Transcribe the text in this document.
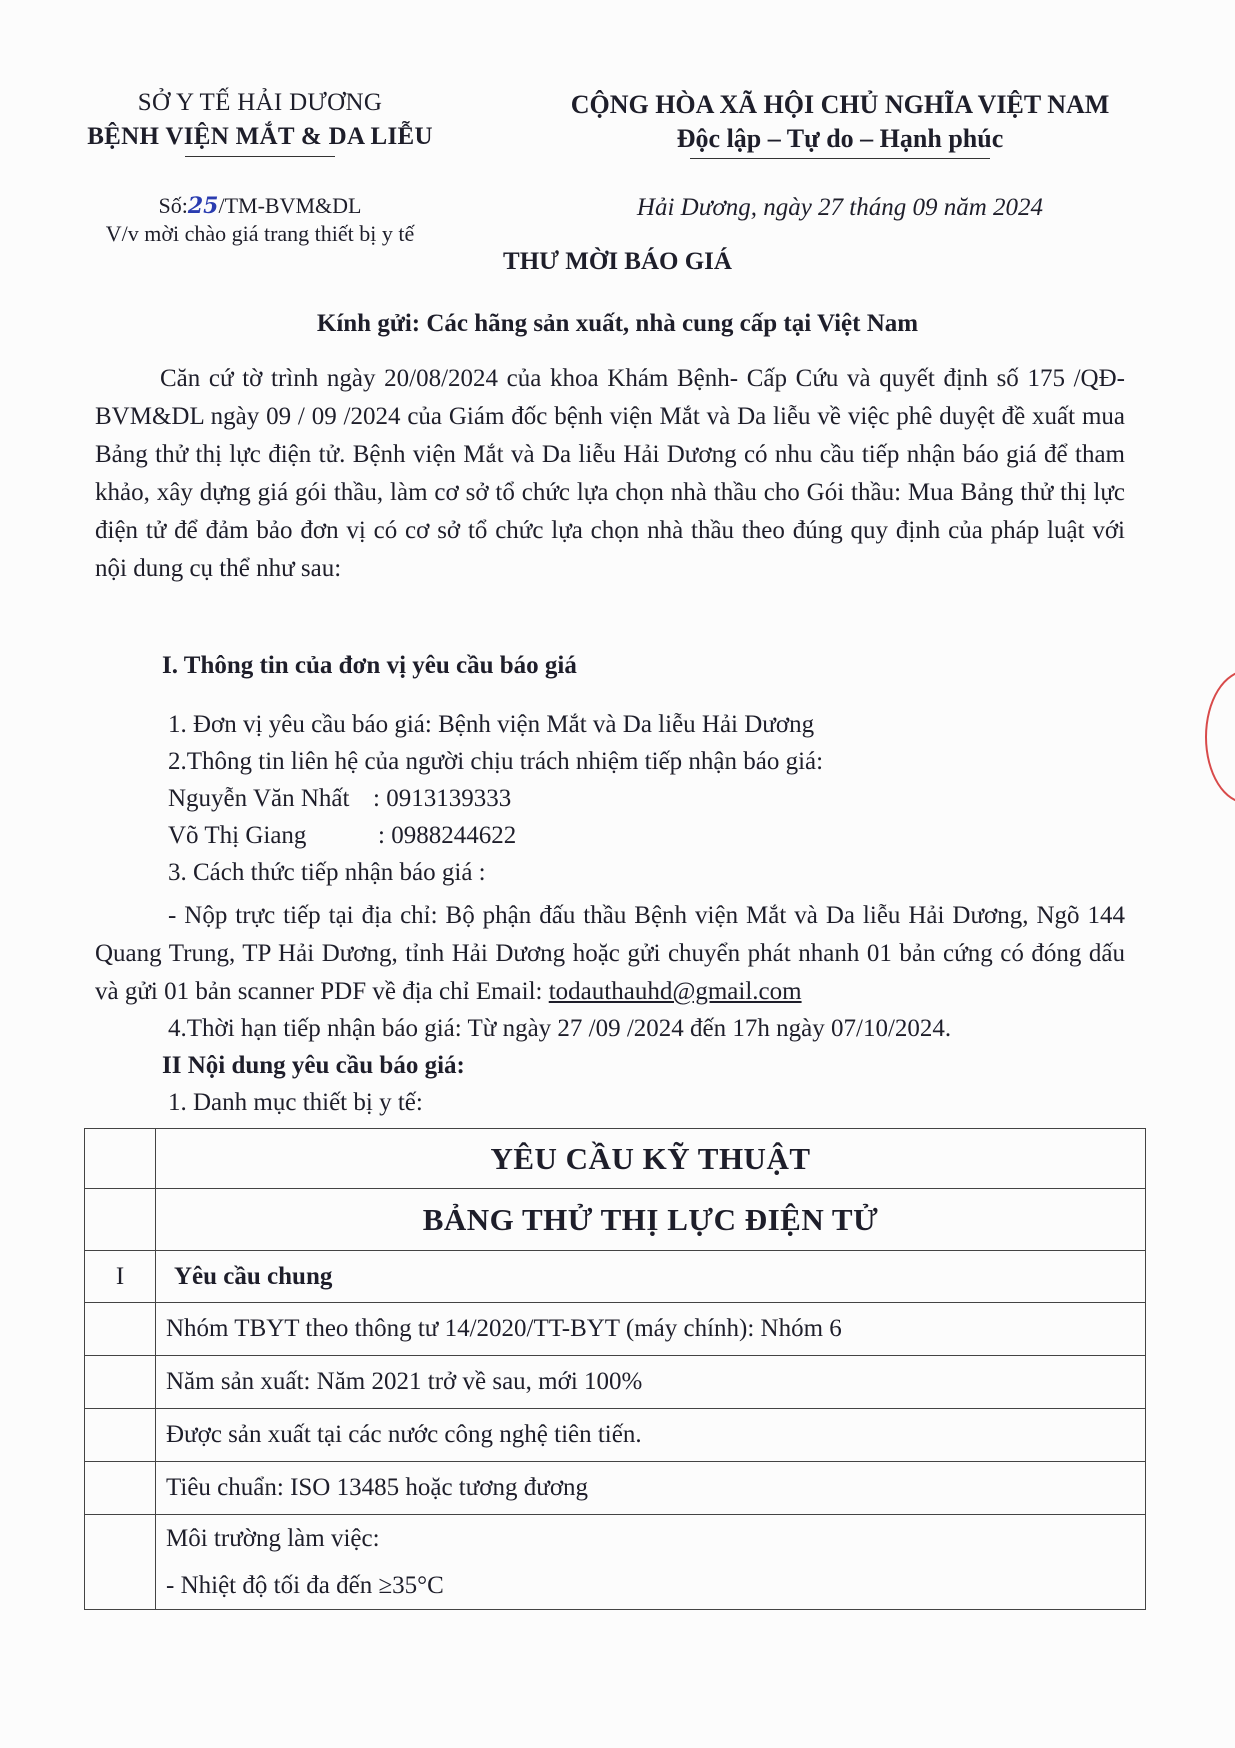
SỞ Y TẾ HẢI DƯƠNG
BỆNH VIỆN MẮT & DA LIỄU
CỘNG HÒA XÃ HỘI CHỦ NGHĨA VIỆT NAM
Độc lập – Tự do – Hạnh phúc
Số:25/TM-BVM&DL
V/v mời chào giá trang thiết bị y tế
Hải Dương, ngày 27 tháng 09 năm 2024
THƯ MỜI BÁO GIÁ
Kính gửi: Các hãng sản xuất, nhà cung cấp tại Việt Nam

Căn cứ tờ trình ngày 20/08/2024 của khoa Khám Bệnh- Cấp Cứu và quyết định số 175 /QĐ-BVM&DL ngày 09 / 09 /2024 của Giám đốc bệnh viện Mắt và Da liễu về việc phê duyệt đề xuất mua Bảng thử thị lực điện tử. Bệnh viện Mắt và Da liễu Hải Dương có nhu cầu tiếp nhận báo giá để tham khảo, xây dựng giá gói thầu, làm cơ sở tổ chức lựa chọn nhà thầu cho Gói thầu: Mua Bảng thử thị lực điện tử để đảm bảo đơn vị có cơ sở tổ chức lựa chọn nhà thầu theo đúng quy định của pháp luật với nội dung cụ thể như sau:

I. Thông tin của đơn vị yêu cầu báo giá
1. Đơn vị yêu cầu báo giá: Bệnh viện Mắt và Da liễu Hải Dương
2.Thông tin liên hệ của người chịu trách nhiệm tiếp nhận báo giá:
Nguyễn Văn Nhất : 0913139333
Võ Thị Giang	: 0988244622
3. Cách thức tiếp nhận báo giá :

- Nộp trực tiếp tại địa chỉ: Bộ phận đấu thầu Bệnh viện Mắt và Da liễu Hải Dương, Ngõ 144 Quang Trung, TP Hải Dương, tỉnh Hải Dương hoặc gửi chuyển phát nhanh 01 bản cứng có đóng dấu và gửi 01 bản scanner PDF về địa chỉ Email: todauthauhd@gmail.com

4.Thời hạn tiếp nhận báo giá: Từ ngày 27 /09 /2024 đến 17h ngày 07/10/2024.
II Nội dung yêu cầu báo giá:
1. Danh mục thiết bị y tế:
	YÊU CẦU KỸ THUẬT
	BẢNG THỬ THỊ LỰC ĐIỆN TỬ
I	Yêu cầu chung
	Nhóm TBYT theo thông tư 14/2020/TT-BYT (máy chính): Nhóm 6
	Năm sản xuất: Năm 2021 trở về sau, mới 100%
	Được sản xuất tại các nước công nghệ tiên tiến.
	Tiêu chuẩn: ISO 13485 hoặc tương đương

	Môi trường làm việc:
- Nhiệt độ tối đa đến ≥35°C
